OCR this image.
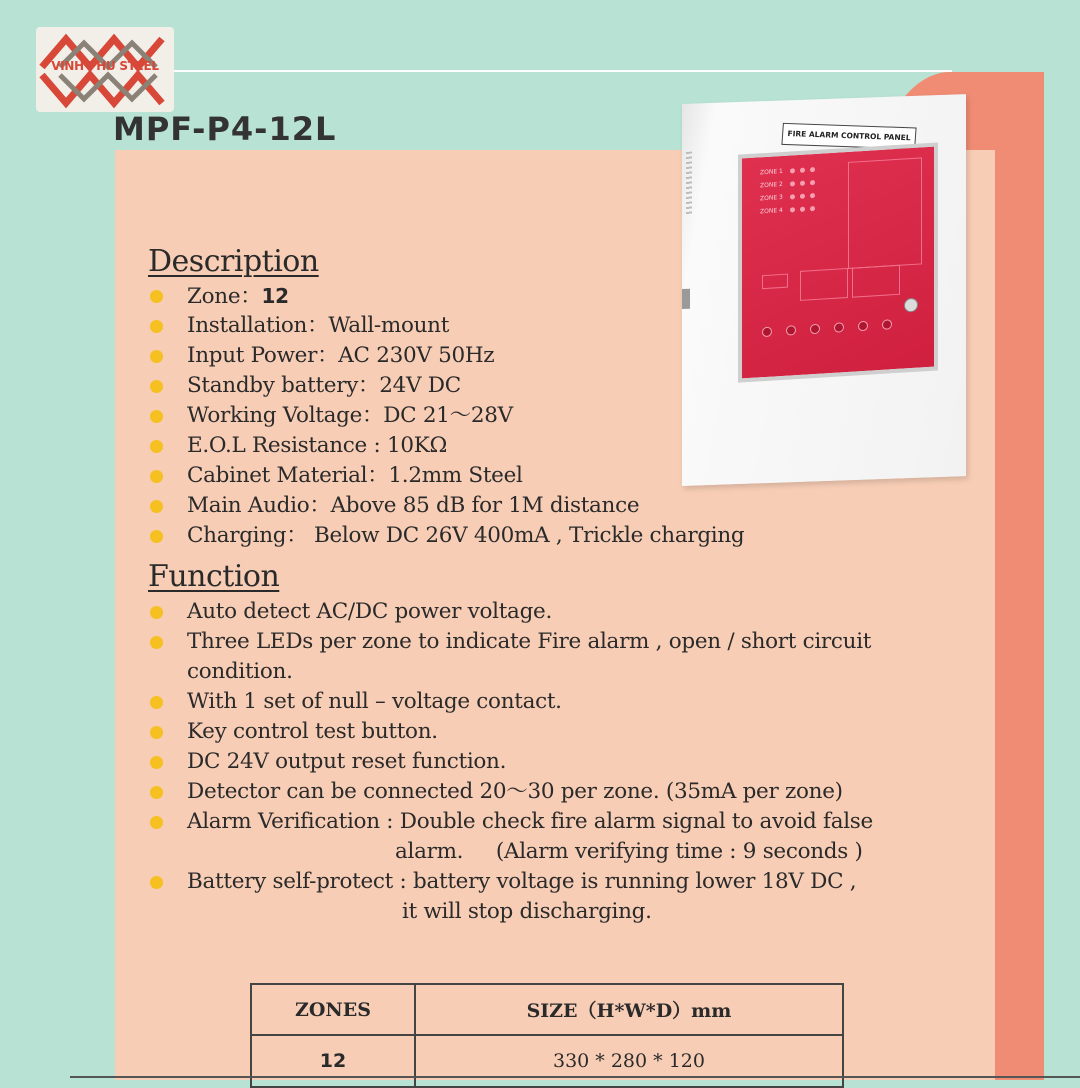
VINH PHU STEEL
MPF-P4-12L	FIRE ALARM CONTROL PANEL
ZONE 1
ZONE 2
ZONE 3
ZONE 4
Description
Zone：12
Installation：Wall-mount
Input Power：AC 230V 50Hz
Standby battery：24V DC
Working Voltage：DC 21～28V
E.O.L Resistance : 10KΩ
Cabinet Material：1.2mm Steel
Main Audio：Above 85 dB for 1M distance
Charging： Below DC 26V 400mA , Trickle charging
Function
Auto detect AC/DC power voltage.
Three LEDs per zone to indicate Fire alarm , open / short circuit
condition.
With 1 set of null – voltage contact.
Key control test button.
DC 24V output reset function.
Detector can be connected 20～30 per zone. (35mA per zone)
Alarm Verification : Double check fire alarm signal to avoid false
alarm.     (Alarm verifying time : 9 seconds )
Battery self-protect : battery voltage is running lower 18V DC ,
it will stop discharging.
ZONES	SIZE（H*W*D）mm
12	330 * 280 * 120
